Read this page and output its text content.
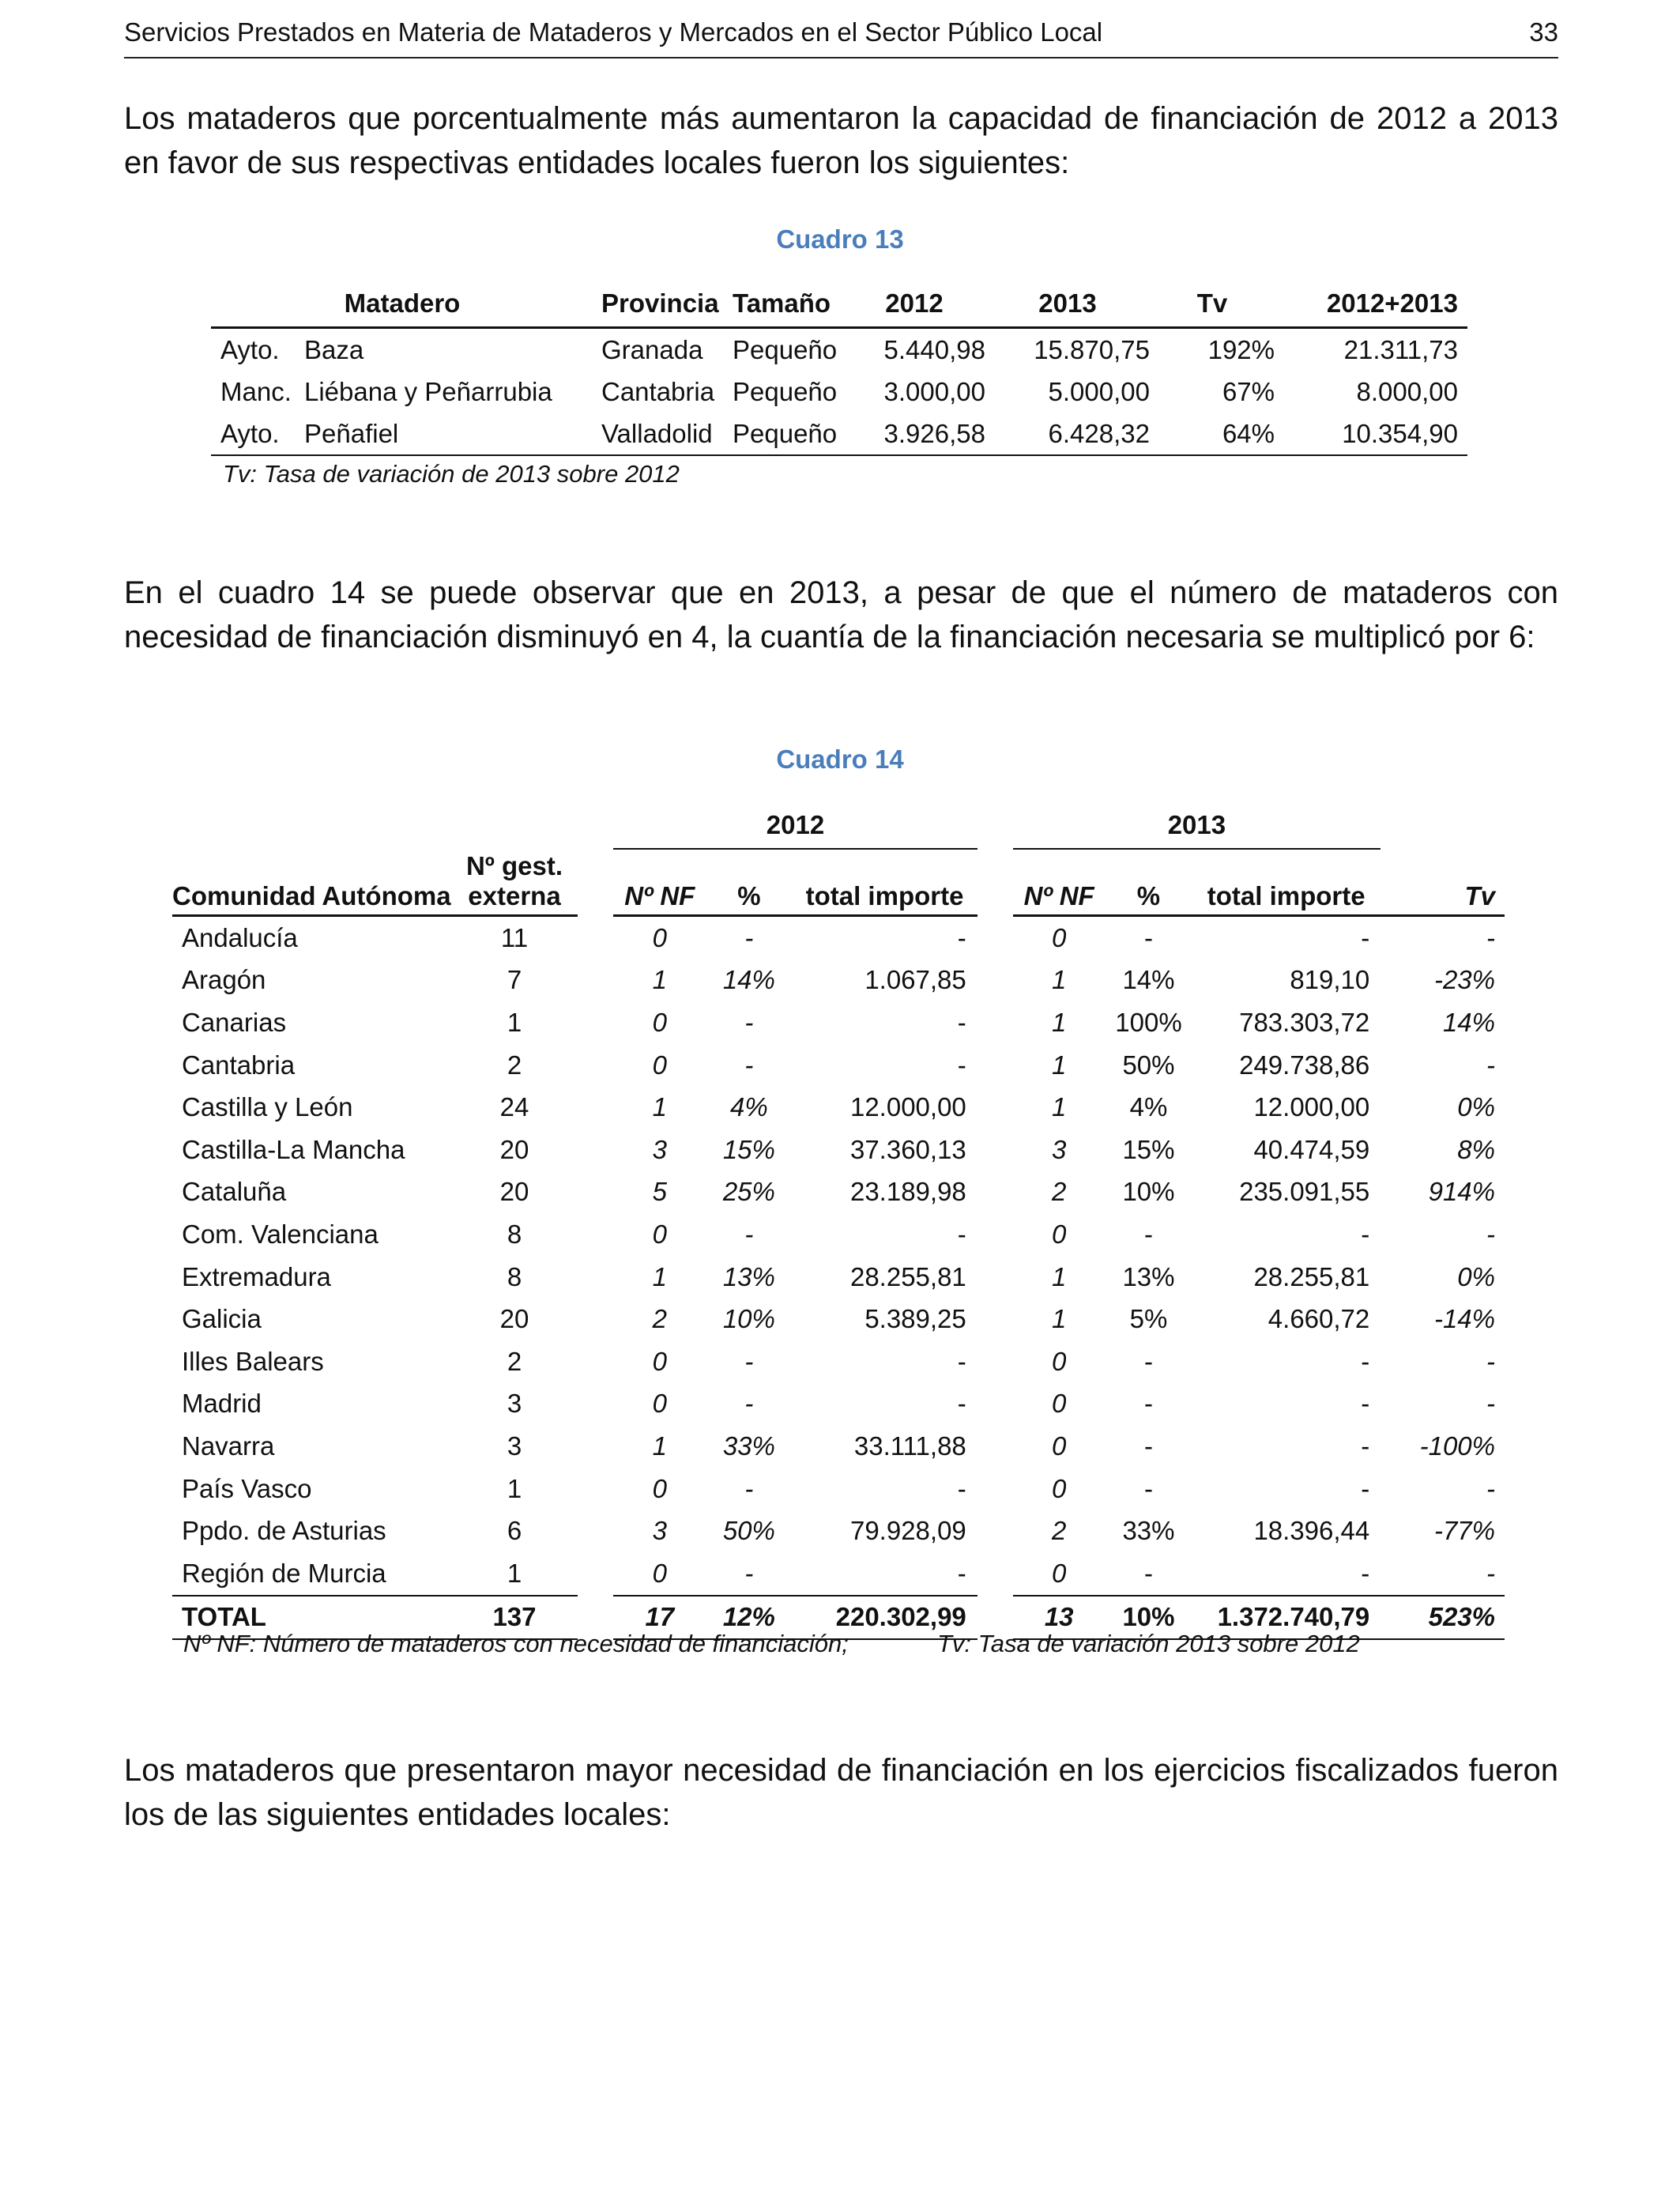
Servicios Prestados en Materia de Mataderos y Mercados en el Sector Público Local	33

Los mataderos que porcentualmente más aumentaron la capacidad de financiación de 2012 a 2013 en favor de sus respectivas entidades locales fueron los siguientes:

Cuadro 13
Matadero		Provincia	Tamaño	2012	2013	Tv	2012+2013
Ayto.	Baza	Granada	Pequeño	5.440,98	15.870,75	192%	21.311,73
Manc.	Liébana y Peñarrubia	Cantabria	Pequeño	3.000,00	5.000,00	67%	8.000,00
Ayto.	Peñafiel	Valladolid	Pequeño	3.926,58	6.428,32	64%	10.354,90
Tv: Tasa de variación de 2013 sobre 2012

En el cuadro 14 se puede observar que en 2013, a pesar de que el número de mataderos con necesidad de financiación disminuyó en 4, la cuantía de la financiación necesaria se multiplicó por 6:

Cuadro 14
Comunidad Autónoma	Nº gest. externa		2012				2013			Tv
			Nº NF	%	total importe		Nº NF	%	total importe	
Andalucía	11		0	-	-		0	-	-	-
Aragón	7		1	14%	1.067,85		1	14%	819,10	-23%
Canarias	1		0	-	-		1	100%	783.303,72	14%
Cantabria	2		0	-	-		1	50%	249.738,86	-
Castilla y León	24		1	4%	12.000,00		1	4%	12.000,00	0%
Castilla-La Mancha	20		3	15%	37.360,13		3	15%	40.474,59	8%
Cataluña	20		5	25%	23.189,98		2	10%	235.091,55	914%
Com. Valenciana	8		0	-	-		0	-	-	-
Extremadura	8		1	13%	28.255,81		1	13%	28.255,81	0%
Galicia	20		2	10%	5.389,25		1	5%	4.660,72	-14%
Illes Balears	2		0	-	-		0	-	-	-
Madrid	3		0	-	-		0	-	-	-
Navarra	3		1	33%	33.111,88		0	-	-	-100%
País Vasco	1		0	-	-		0	-	-	-
Ppdo. de Asturias	6		3	50%	79.928,09		2	33%	18.396,44	-77%
Región de Murcia	1		0	-	-		0	-	-	-
TOTAL	137		17	12%	220.302,99		13	10%	1.372.740,79	523%
Nº NF: Número de mataderos con necesidad de financiación;	Tv: Tasa de variación 2013 sobre 2012

Los mataderos que presentaron mayor necesidad de financiación en los ejercicios fiscalizados fueron los de las siguientes entidades locales:
